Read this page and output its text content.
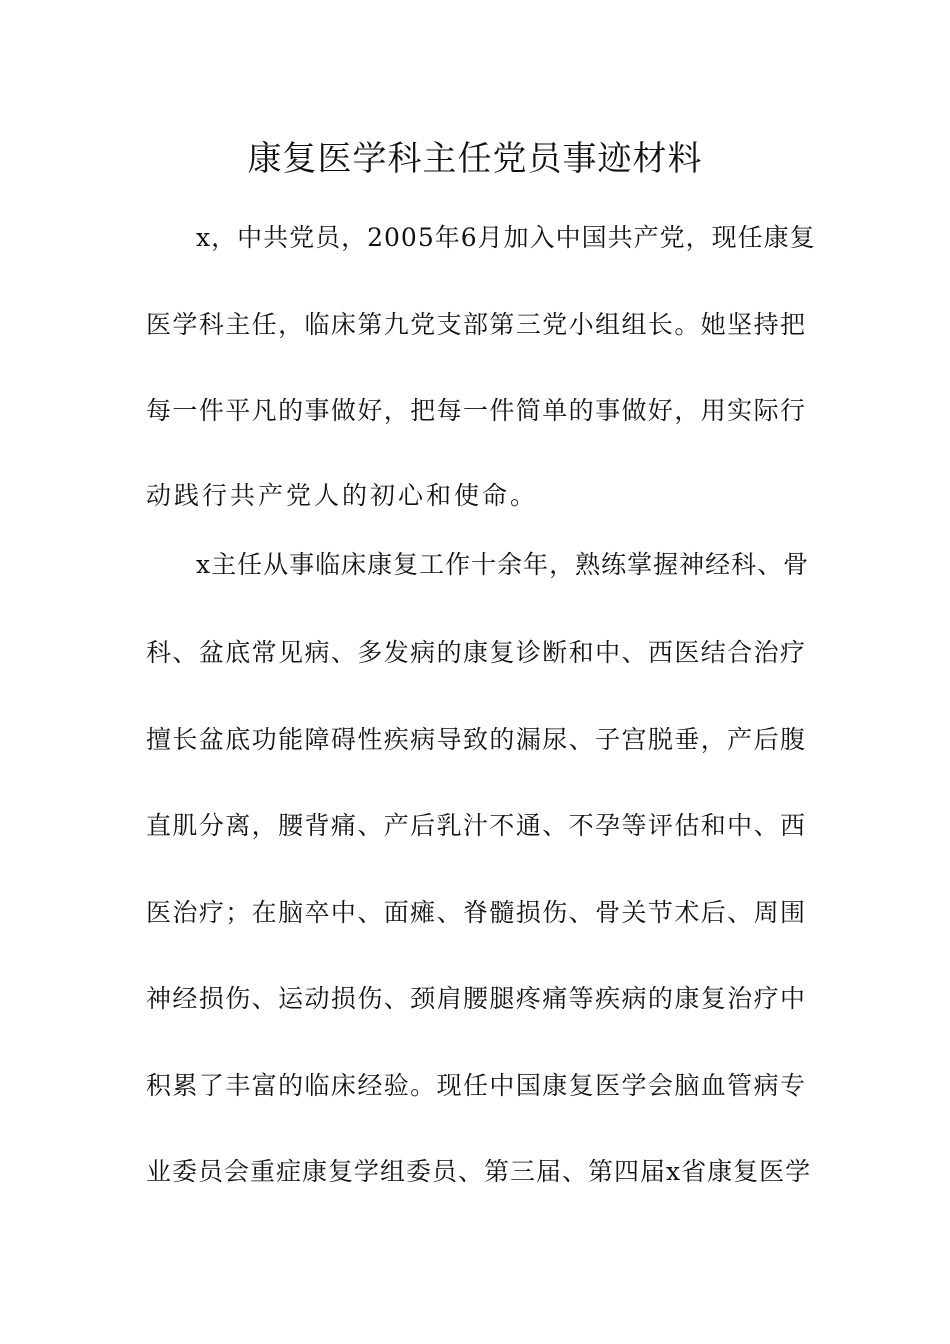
康复医学科主任党员事迹材料
x，中共党员，2005年6月加入中国共产党，现任康复
医学科主任，临床第九党支部第三党小组组长。她坚持把
每一件平凡的事做好，把每一件简单的事做好，用实际行
动践行共产党人的初心和使命。
x主任从事临床康复工作十余年，熟练掌握神经科、骨
科、盆底常见病、多发病的康复诊断和中、西医结合治疗
擅长盆底功能障碍性疾病导致的漏尿、子宫脱垂，产后腹
直肌分离，腰背痛、产后乳汁不通、不孕等评估和中、西
医治疗；在脑卒中、面瘫、脊髓损伤、骨关节术后、周围
神经损伤、运动损伤、颈肩腰腿疼痛等疾病的康复治疗中
积累了丰富的临床经验。现任中国康复医学会脑血管病专
业委员会重症康复学组委员、第三届、第四届x省康复医学
